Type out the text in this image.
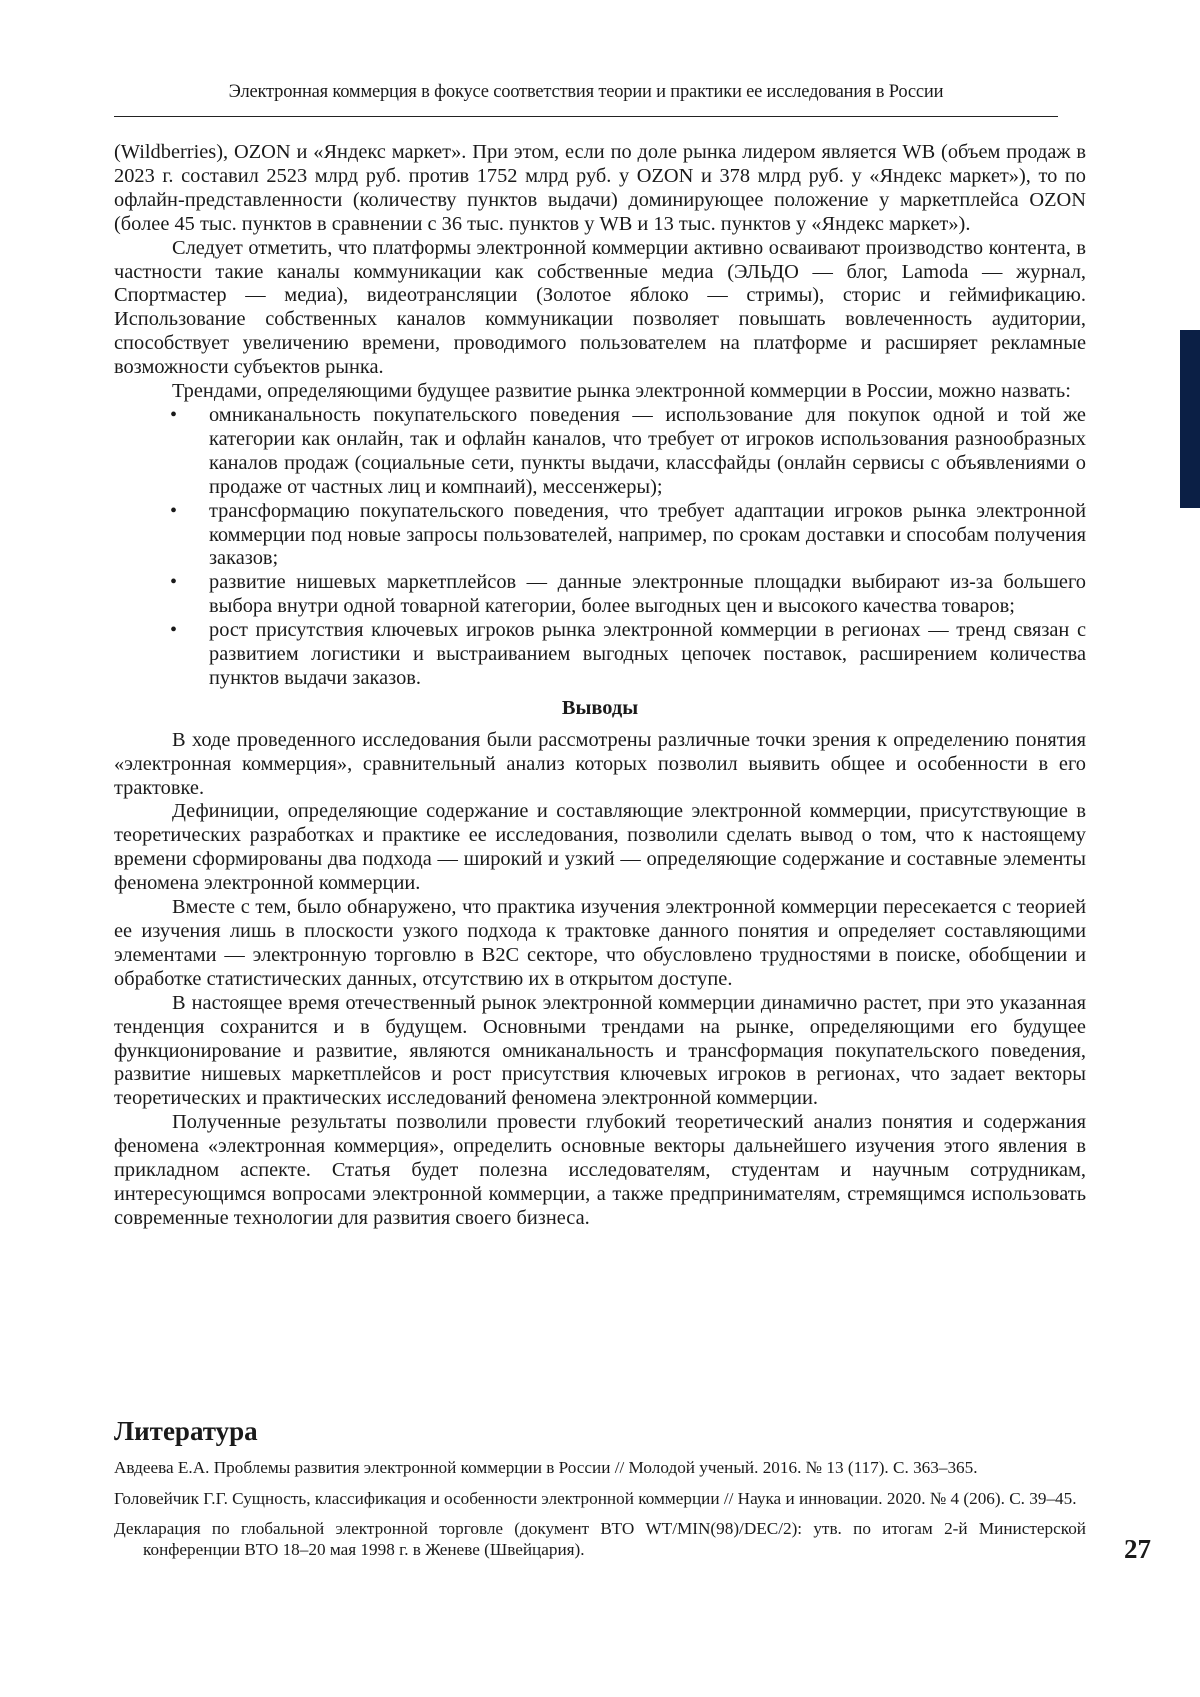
Электронная коммерция в фокусе соответствия теории и практики ее исследования в России

(Wildberries), OZON и «Яндекс маркет». При этом, если по доле рынка лидером является WB (объем продаж в 2023 г. составил 2523 млрд руб. против 1752 млрд руб. у OZON и 378 млрд руб. у «Яндекс маркет»), то по офлайн-представленности (количеству пунктов выдачи) доминирующее положение у маркетплейса OZON (более 45 тыс. пунктов в сравнении с 36 тыс. пунктов у WB и 13 тыс. пунктов у «Яндекс маркет»).

Следует отметить, что платформы электронной коммерции активно осваивают производство контента, в частности такие каналы коммуникации как собственные медиа (ЭЛЬДО — блог, Lamoda — журнал, Спортмастер — медиа), видеотрансляции (Золотое яблоко — стримы), сторис и геймификацию. Использование собственных каналов коммуникации позволяет повышать вовлеченность аудитории, способствует увеличению времени, проводимого пользователем на платформе и расширяет рекламные возможности субъектов рынка.

Трендами, определяющими будущее развитие рынка электронной коммерции в России, можно назвать:

• омниканальность покупательского поведения — использование для покупок одной и той же категории как онлайн, так и офлайн каналов, что требует от игроков использования разнообразных каналов продаж (социальные сети, пункты выдачи, классфайды (онлайн сервисы с объявлениями о продаже от частных лиц и компнаий), мессенжеры);
• трансформацию покупательского поведения, что требует адаптации игроков рынка электронной коммерции под новые запросы пользователей, например, по срокам доставки и способам получения заказов;
• развитие нишевых маркетплейсов — данные электронные площадки выбирают из-за большего выбора внутри одной товарной категории, более выгодных цен и высокого качества товаров;
• рост присутствия ключевых игроков рынка электронной коммерции в регионах — тренд связан с развитием логистики и выстраиванием выгодных цепочек поставок, расширением количества пунктов выдачи заказов.
Выводы

В ходе проведенного исследования были рассмотрены различные точки зрения к определению понятия «электронная коммерция», сравнительный анализ которых позволил выявить общее и особенности в его трактовке.

Дефиниции, определяющие содержание и составляющие электронной коммерции, присутствующие в теоретических разработках и практике ее исследования, позволили сделать вывод о том, что к настоящему времени сформированы два подхода — широкий и узкий — определяющие содержание и составные элементы феномена электронной коммерции.

Вместе с тем, было обнаружено, что практика изучения электронной коммерции пересекается с теорией ее изучения лишь в плоскости узкого подхода к трактовке данного понятия и определяет составляющими элементами — электронную торговлю в B2C секторе, что обусловлено трудностями в поиске, обобщении и обработке статистических данных, отсутствию их в открытом доступе.

В настоящее время отечественный рынок электронной коммерции динамично растет, при это указанная тенденция сохранится и в будущем. Основными трендами на рынке, определяющими его будущее функционирование и развитие, являются омниканальность и трансформация покупательского поведения, развитие нишевых маркетплейсов и рост присутствия ключевых игроков в регионах, что задает векторы теоретических и практических исследований феномена электронной коммерции.

Полученные результаты позволили провести глубокий теоретический анализ понятия и содержания феномена «электронная коммерция», определить основные векторы дальнейшего изучения этого явления в прикладном аспекте. Статья будет полезна исследователям, студентам и научным сотрудникам, интересующимся вопросами электронной коммерции, а также предпринимателям, стремящимся использовать современные технологии для развития своего бизнеса.

Литература
Авдеева Е.А. Проблемы развития электронной коммерции в России // Молодой ученый. 2016. № 13 (117). С. 363–365.
Головейчик Г.Г. Сущность, классификация и особенности электронной коммерции // Наука и инновации. 2020. № 4 (206). С. 39–45.
Декларация по глобальной электронной торговле (документ ВТО WT/MIN(98)/DEC/2): утв. по итогам 2-й Министерской конференции ВТО 18–20 мая 1998 г. в Женеве (Швейцария).	27
